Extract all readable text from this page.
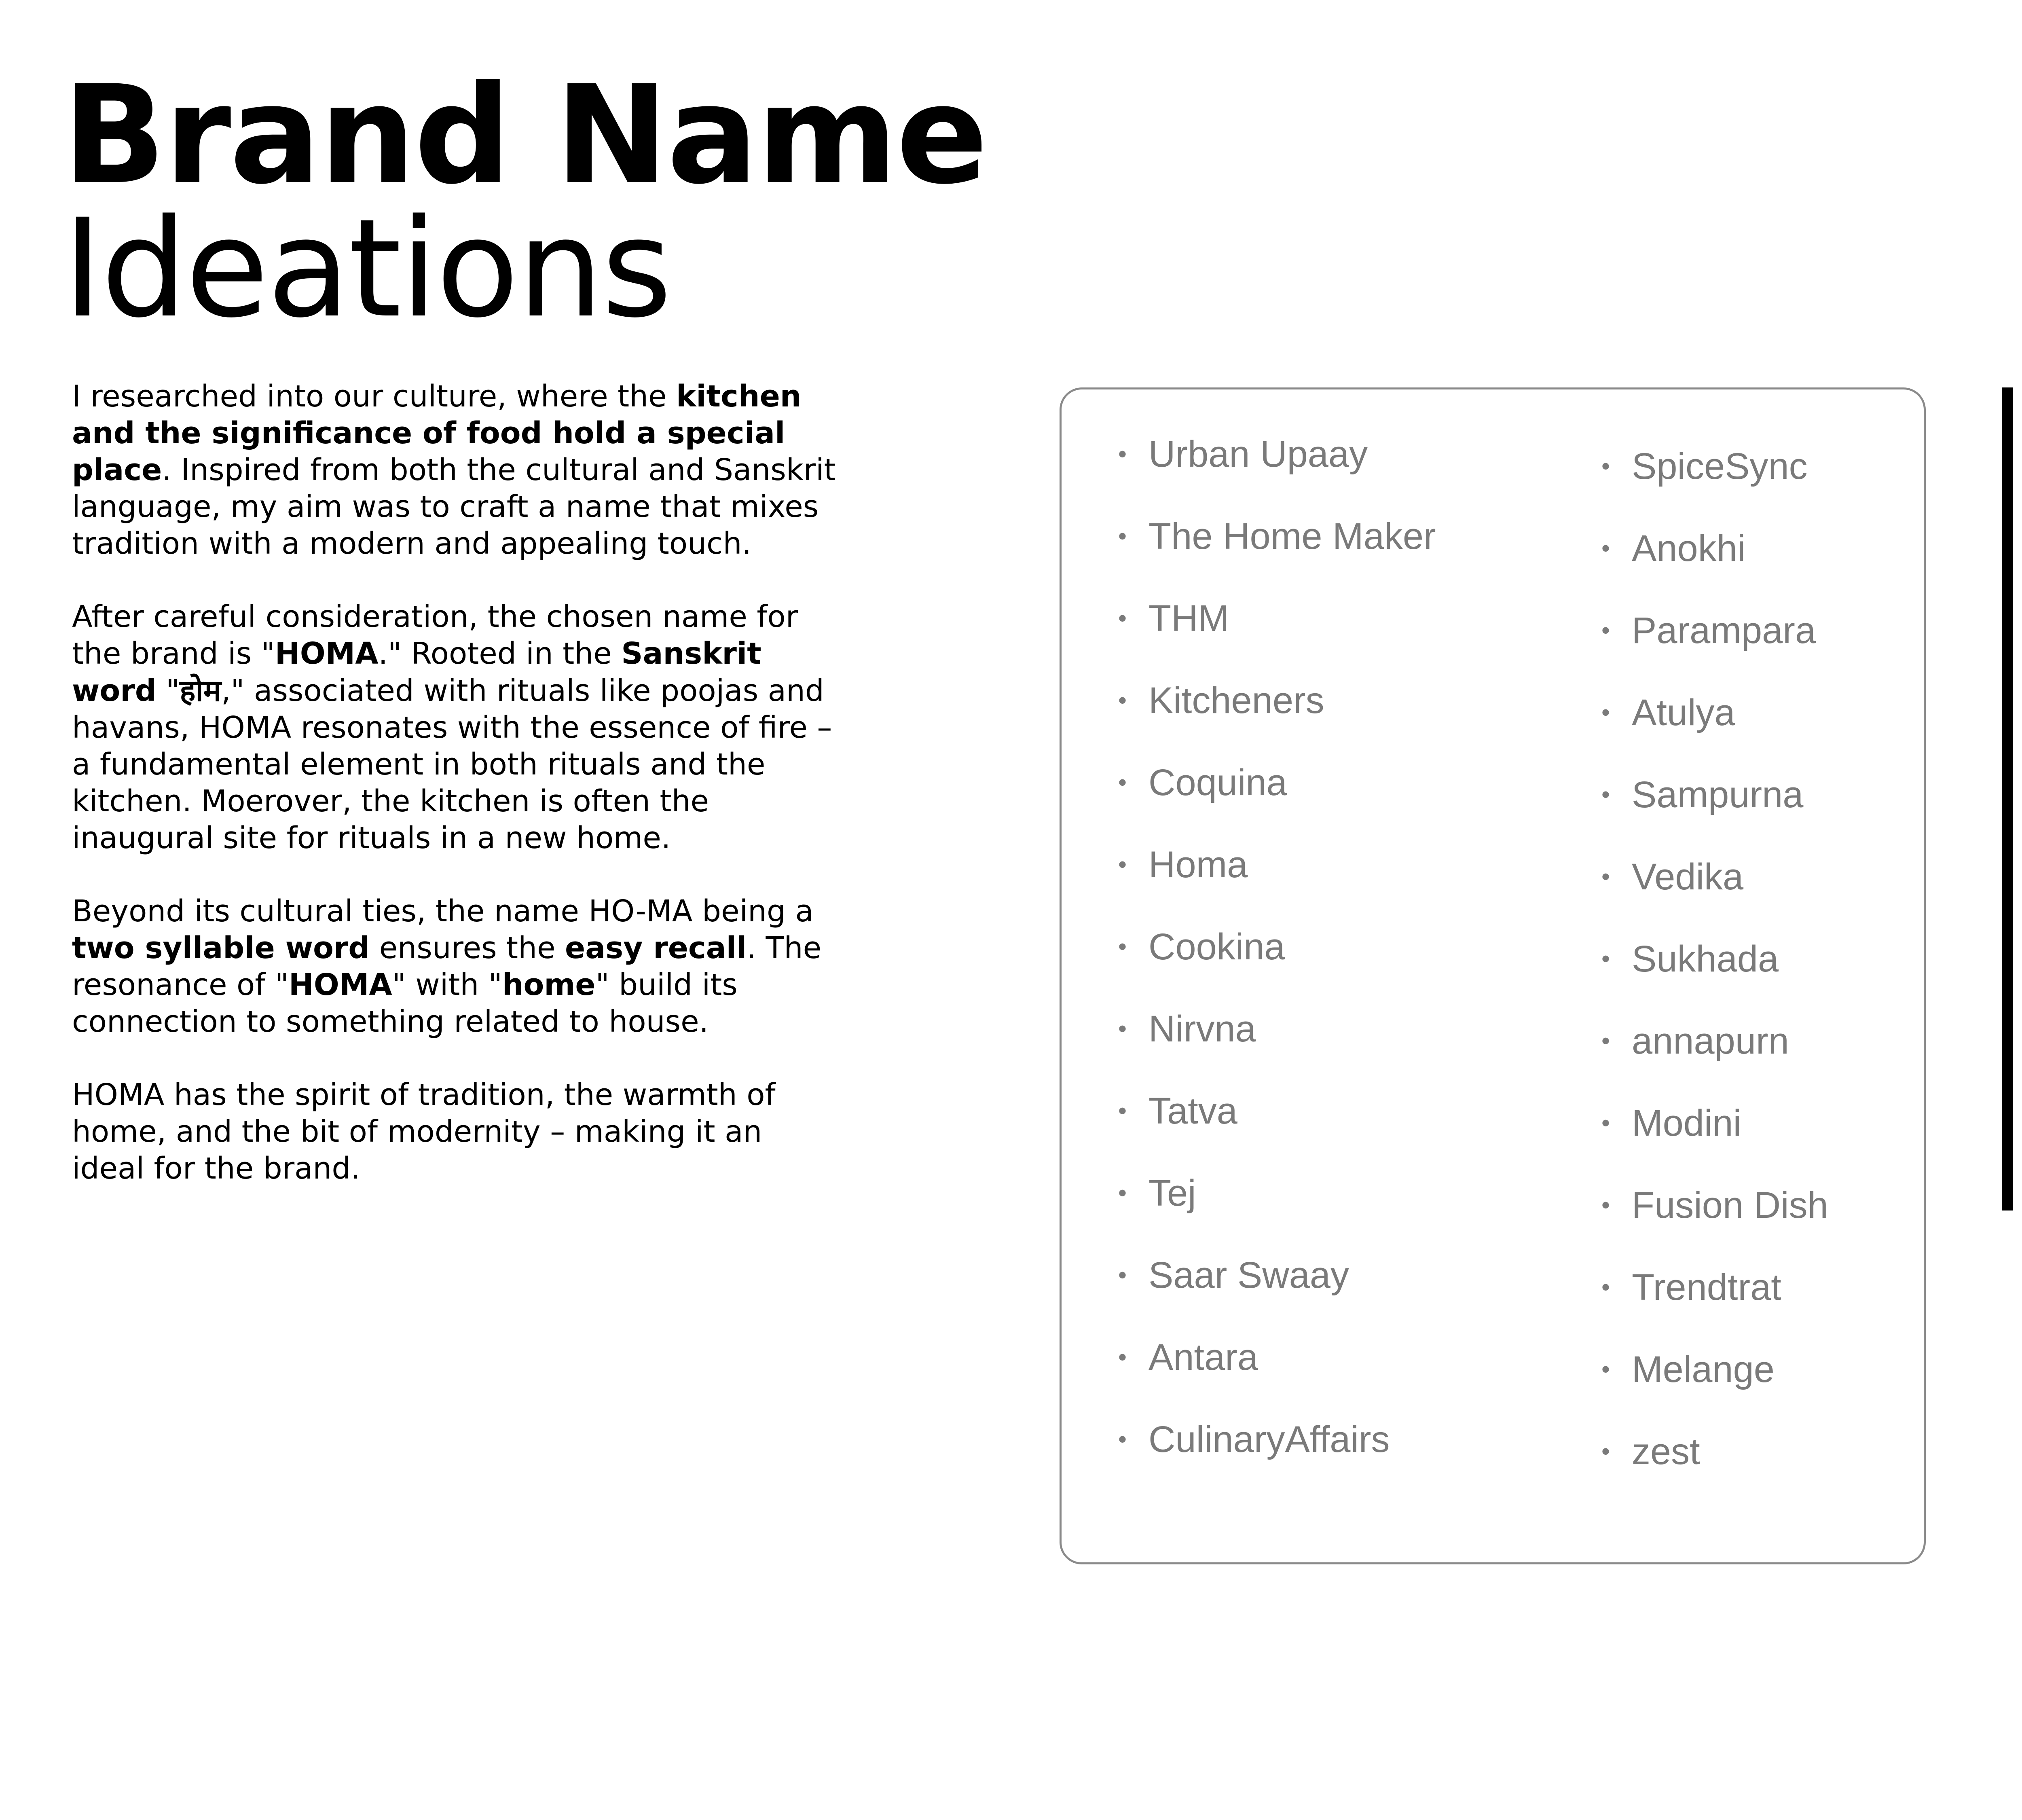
Brand Name
Ideations

I researched into our culture, where the kitchen and the significance of food hold a special place. Inspired from both the cultural and Sanskrit language, my aim was to craft a name that mixes tradition with a modern and appealing touch.

After careful consideration, the chosen name for the brand is "HOMA." Rooted in the Sanskrit word "होम," associated with rituals like poojas and havans, HOMA resonates with the essence of fire – a fundamental element in both rituals and the kitchen. Moerover, the kitchen is often the inaugural site for rituals in a new home.

Beyond its cultural ties, the name HO-MA being a two syllable word ensures the easy recall. The resonance of "HOMA" with "home" build its connection to something related to house.

HOMA has the spirit of tradition, the warmth of home, and the bit of modernity – making it an ideal for the brand.

• Urban Upaay
• The Home Maker
• THM
• Kitcheners
• Coquina
• Homa
• Cookina
• Nirvna
• Tatva
• Tej
• Saar Swaay
• Antara
• CulinaryAffairs
• SpiceSync
• Anokhi
• Parampara
• Atulya
• Sampurna
• Vedika
• Sukhada
• annapurn
• Modini
• Fusion Dish
• Trendtrat
• Melange
• zest
